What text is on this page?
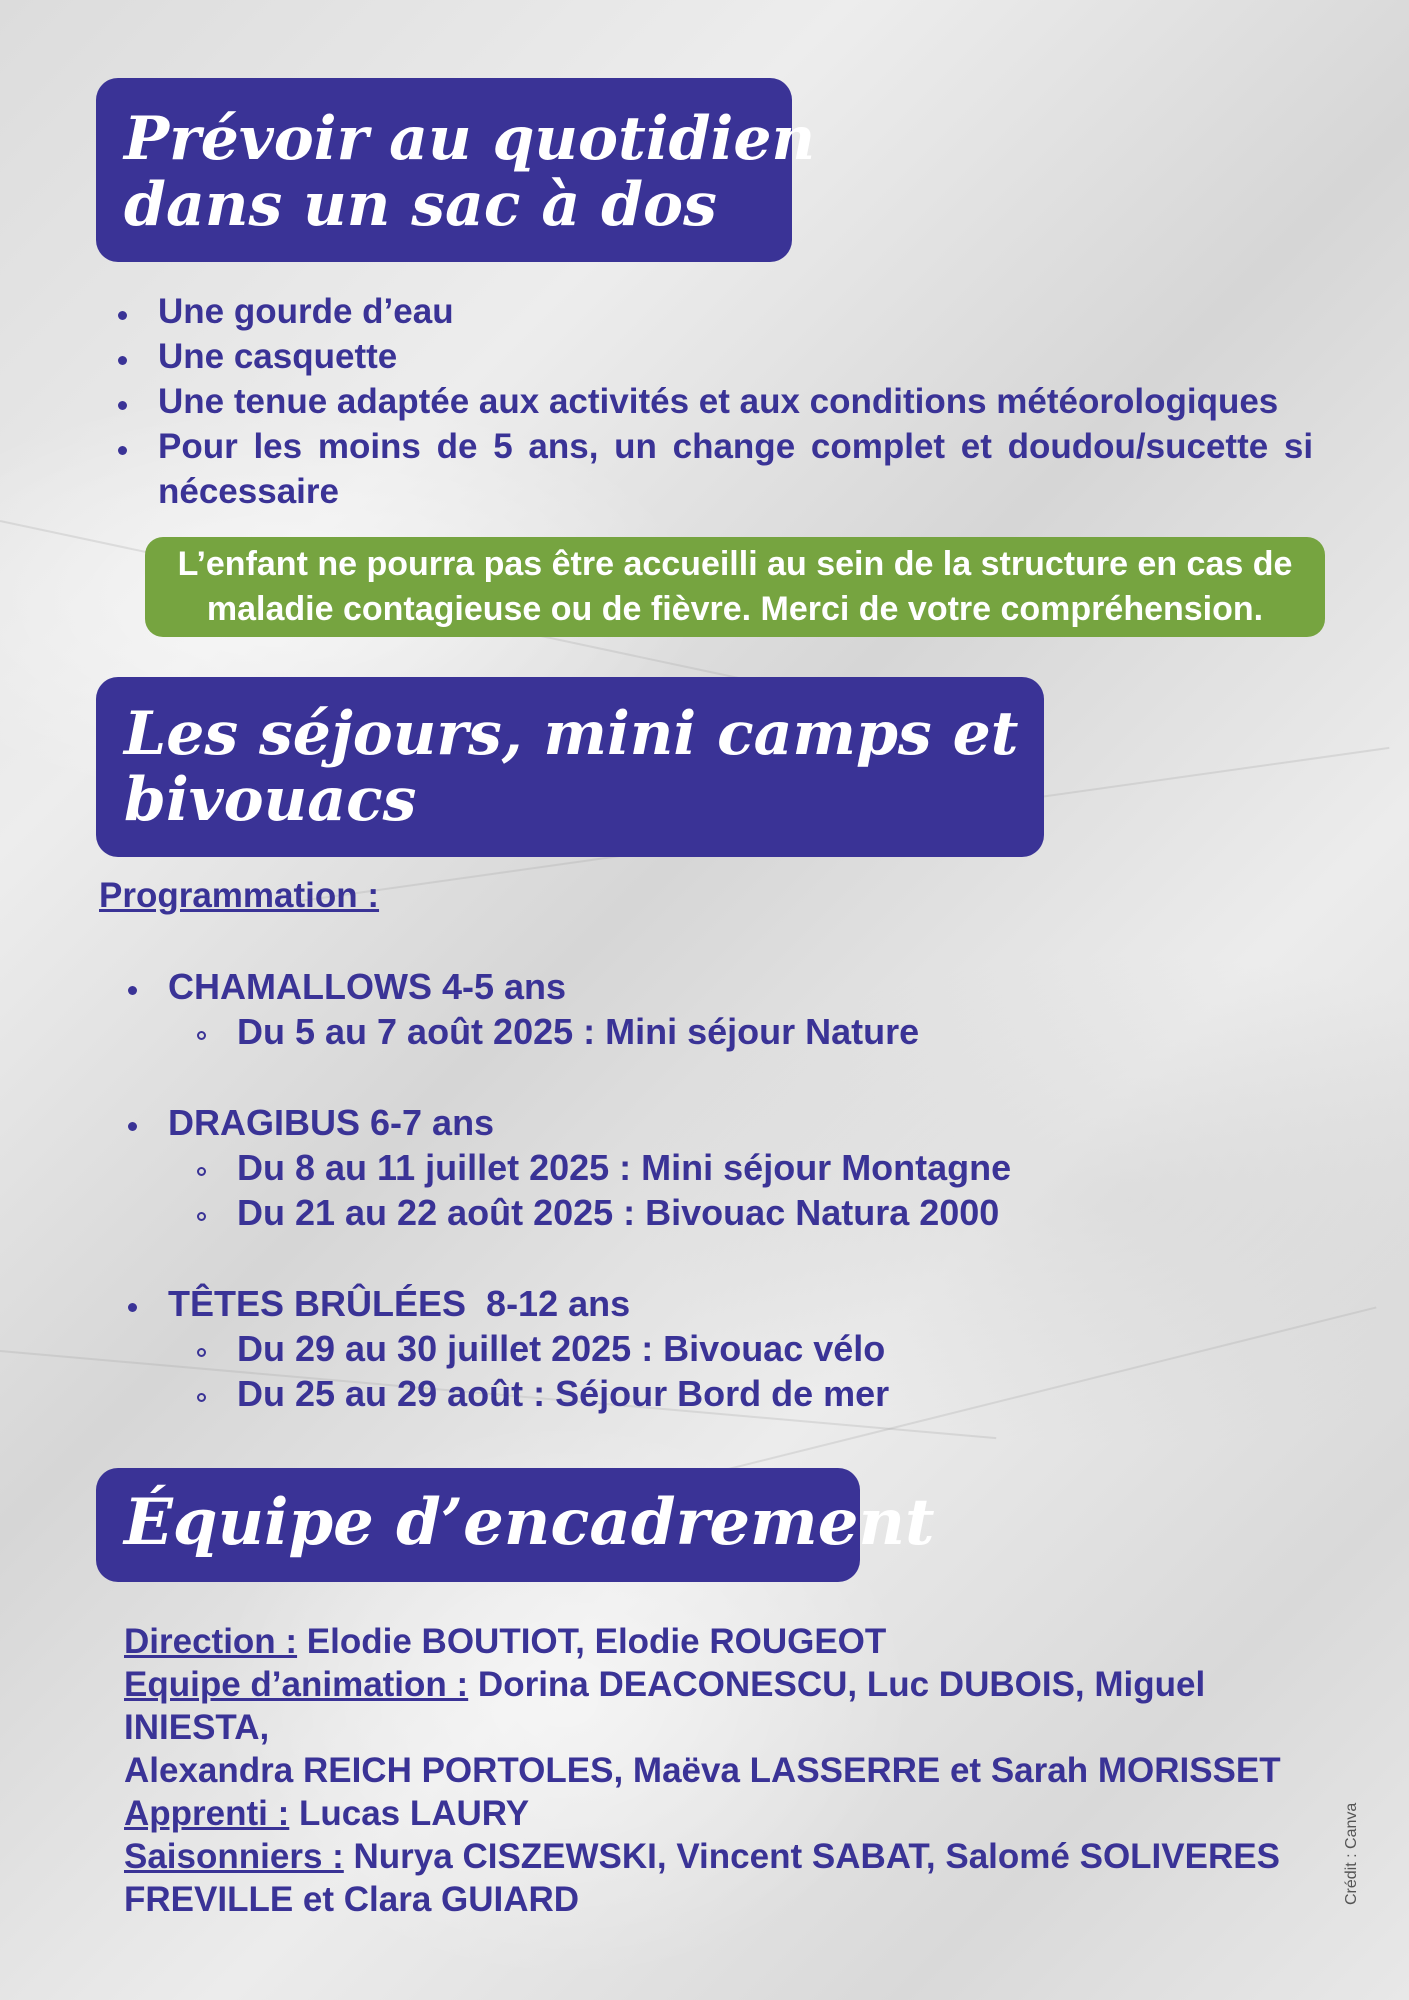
Prévoir au quotidien
dans un sac à dos
Une gourde d’eau
Une casquette
Une tenue adaptée aux activités et aux conditions météorologiques
Pour les moins de 5 ans, un change complet et doudou/sucette si
nécessaire
L’enfant ne pourra pas être accueilli au sein de la structure en cas de
maladie contagieuse ou de fièvre. Merci de votre compréhension.
Les séjours, mini camps et
bivouacs
Programmation :
CHAMALLOWS 4-5 ans
Du 5 au 7 août 2025 : Mini séjour Nature
DRAGIBUS 6-7 ans
Du 8 au 11 juillet 2025 : Mini séjour Montagne
Du 21 au 22 août 2025 : Bivouac Natura 2000
TÊTES BRÛLÉES  8-12 ans
Du 29 au 30 juillet 2025 : Bivouac vélo
Du 25 au 29 août : Séjour Bord de mer
Équipe d’encadrement
Direction : Elodie BOUTIOT, Elodie ROUGEOT
Equipe d’animation : Dorina DEACONESCU, Luc DUBOIS, Miguel INIESTA,
Alexandra REICH PORTOLES, Maëva LASSERRE et Sarah MORISSET
Apprenti : Lucas LAURY
Saisonniers : Nurya CISZEWSKI, Vincent SABAT, Salomé SOLIVERES
FREVILLE et Clara GUIARD	Crédit : Canva
